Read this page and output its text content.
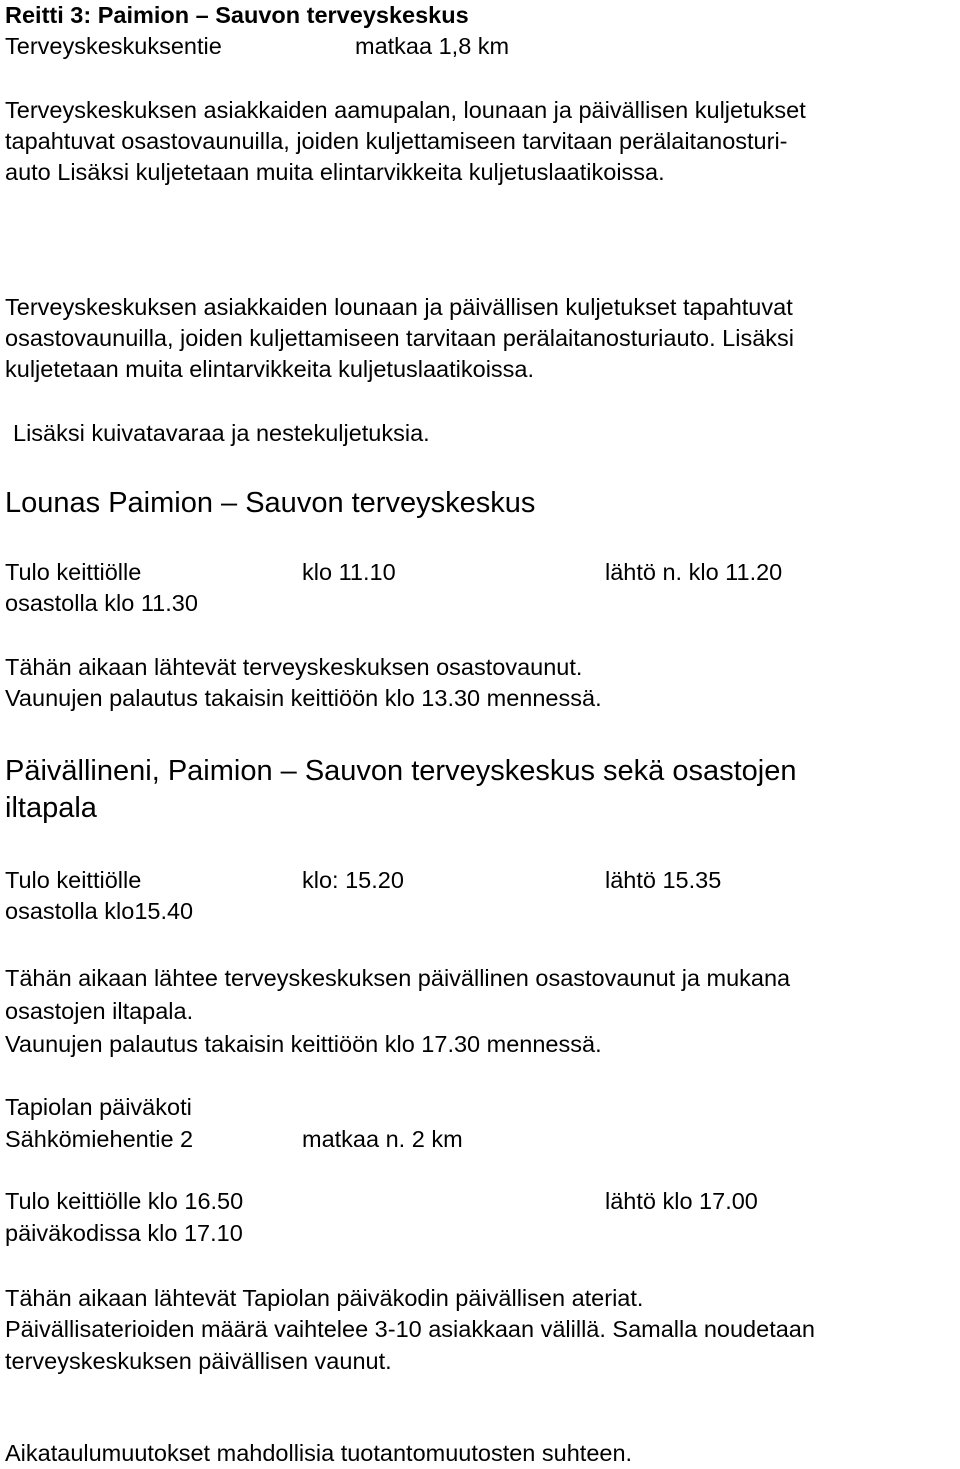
Reitti 3: Paimion – Sauvon terveyskeskus
Terveyskeskuksentie	matkaa 1,8 km
Terveyskeskuksen asiakkaiden aamupalan, lounaan ja päivällisen kuljetukset
tapahtuvat osastovaunuilla, joiden kuljettamiseen tarvitaan perälaitanosturi-
auto Lisäksi kuljetetaan muita elintarvikkeita kuljetuslaatikoissa.
Terveyskeskuksen asiakkaiden lounaan ja päivällisen kuljetukset tapahtuvat
osastovaunuilla, joiden kuljettamiseen tarvitaan perälaitanosturiauto. Lisäksi
kuljetetaan muita elintarvikkeita kuljetuslaatikoissa.
Lisäksi kuivatavaraa ja nestekuljetuksia.
Lounas Paimion – Sauvon terveyskeskus
Tulo keittiölle	klo 11.10	lähtö n. klo 11.20
osastolla klo 11.30
Tähän aikaan lähtevät terveyskeskuksen osastovaunut.
Vaunujen palautus takaisin keittiöön klo 13.30 mennessä.
Päivällineni, Paimion – Sauvon terveyskeskus sekä osastojen
iltapala
Tulo keittiölle	klo: 15.20	lähtö 15.35
osastolla klo15.40
Tähän aikaan lähtee terveyskeskuksen päivällinen osastovaunut ja mukana
osastojen iltapala.
Vaunujen palautus takaisin keittiöön klo 17.30 mennessä.
Tapiolan päiväkoti
Sähkömiehentie 2	matkaa n. 2 km
Tulo keittiölle klo 16.50	lähtö klo 17.00
päiväkodissa klo 17.10
Tähän aikaan lähtevät Tapiolan päiväkodin päivällisen ateriat.
Päivällisaterioiden määrä vaihtelee 3-10 asiakkaan välillä. Samalla noudetaan
terveyskeskuksen päivällisen vaunut.
Aikataulumuutokset mahdollisia tuotantomuutosten suhteen.
